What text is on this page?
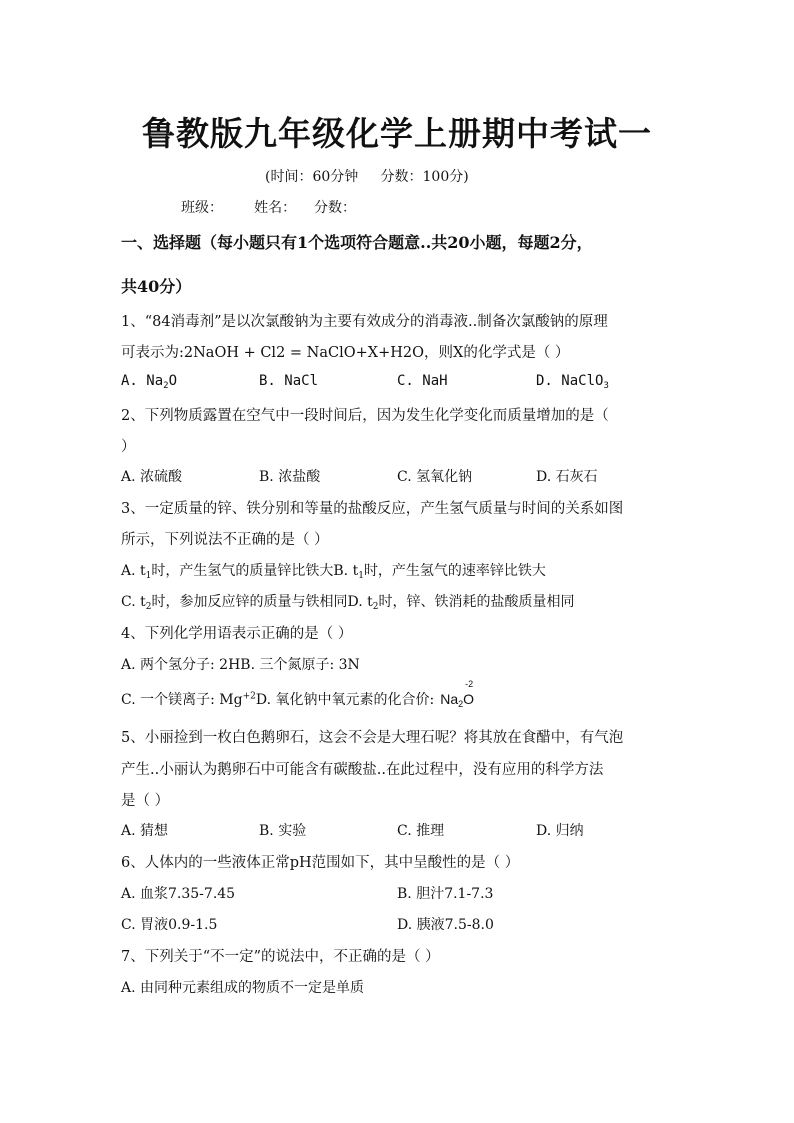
鲁教版九年级化学上册期中考试一
(时间：60分钟     分数：100分)
班级： 姓名： 分数：
一、选择题（每小题只有1个选项符合题意..共20小题，每题2分，
共40分）
1、“84消毒剂”是以次氯酸钠为主要有效成分的消毒液..制备次氯酸钠的原理
可表示为:2NaOH + Cl2 = NaClO+X+H2O，则X的化学式是（ ）
A. $Na_2O$	B. NaCl	C. NaH	D. NaClO$_3$
2、下列物质露置在空气中一段时间后，因为发生化学变化而质量增加的是（
）
A. 浓硫酸	B. 浓盐酸	C. 氢氧化钠	D. 石灰石
3、一定质量的锌、铁分别和等量的盐酸反应，产生氢气质量与时间的关系如图
所示，下列说法不正确的是（ ）
A. $t_1$时，产生氢气的质量锌比铁大B. $t_1$时，产生氢气的速率锌比铁大
C. $t_2$时，参加反应锌的质量与铁相同D. $t_2$时，锌、铁消耗的盐酸质量相同
4、下列化学用语表示正确的是（ ）
A. 两个氢分子: 2HB. 三个氮原子: 3N
C. 一个镁离子: $Mg^{+2}D$. 氧化钠中氧元素的化合价: $Na_2$
-2
O
5、小丽捡到一枚白色鹅卵石，这会不会是大理石呢？将其放在食醋中，有气泡
产生..小丽认为鹅卵石中可能含有碳酸盐..在此过程中，没有应用的科学方法
是（ ）
A. 猜想	B. 实验	C. 推理	D. 归纳
6、人体内的一些液体正常pH范围如下，其中呈酸性的是（ ）
A. 血浆7.35-7.45	B. 胆汁7.1-7.3
C. 胃液0.9-1.5	D. 胰液7.5-8.0
7、下列关于“不一定”的说法中，不正确的是（ ）
A. 由同种元素组成的物质不一定是单质
